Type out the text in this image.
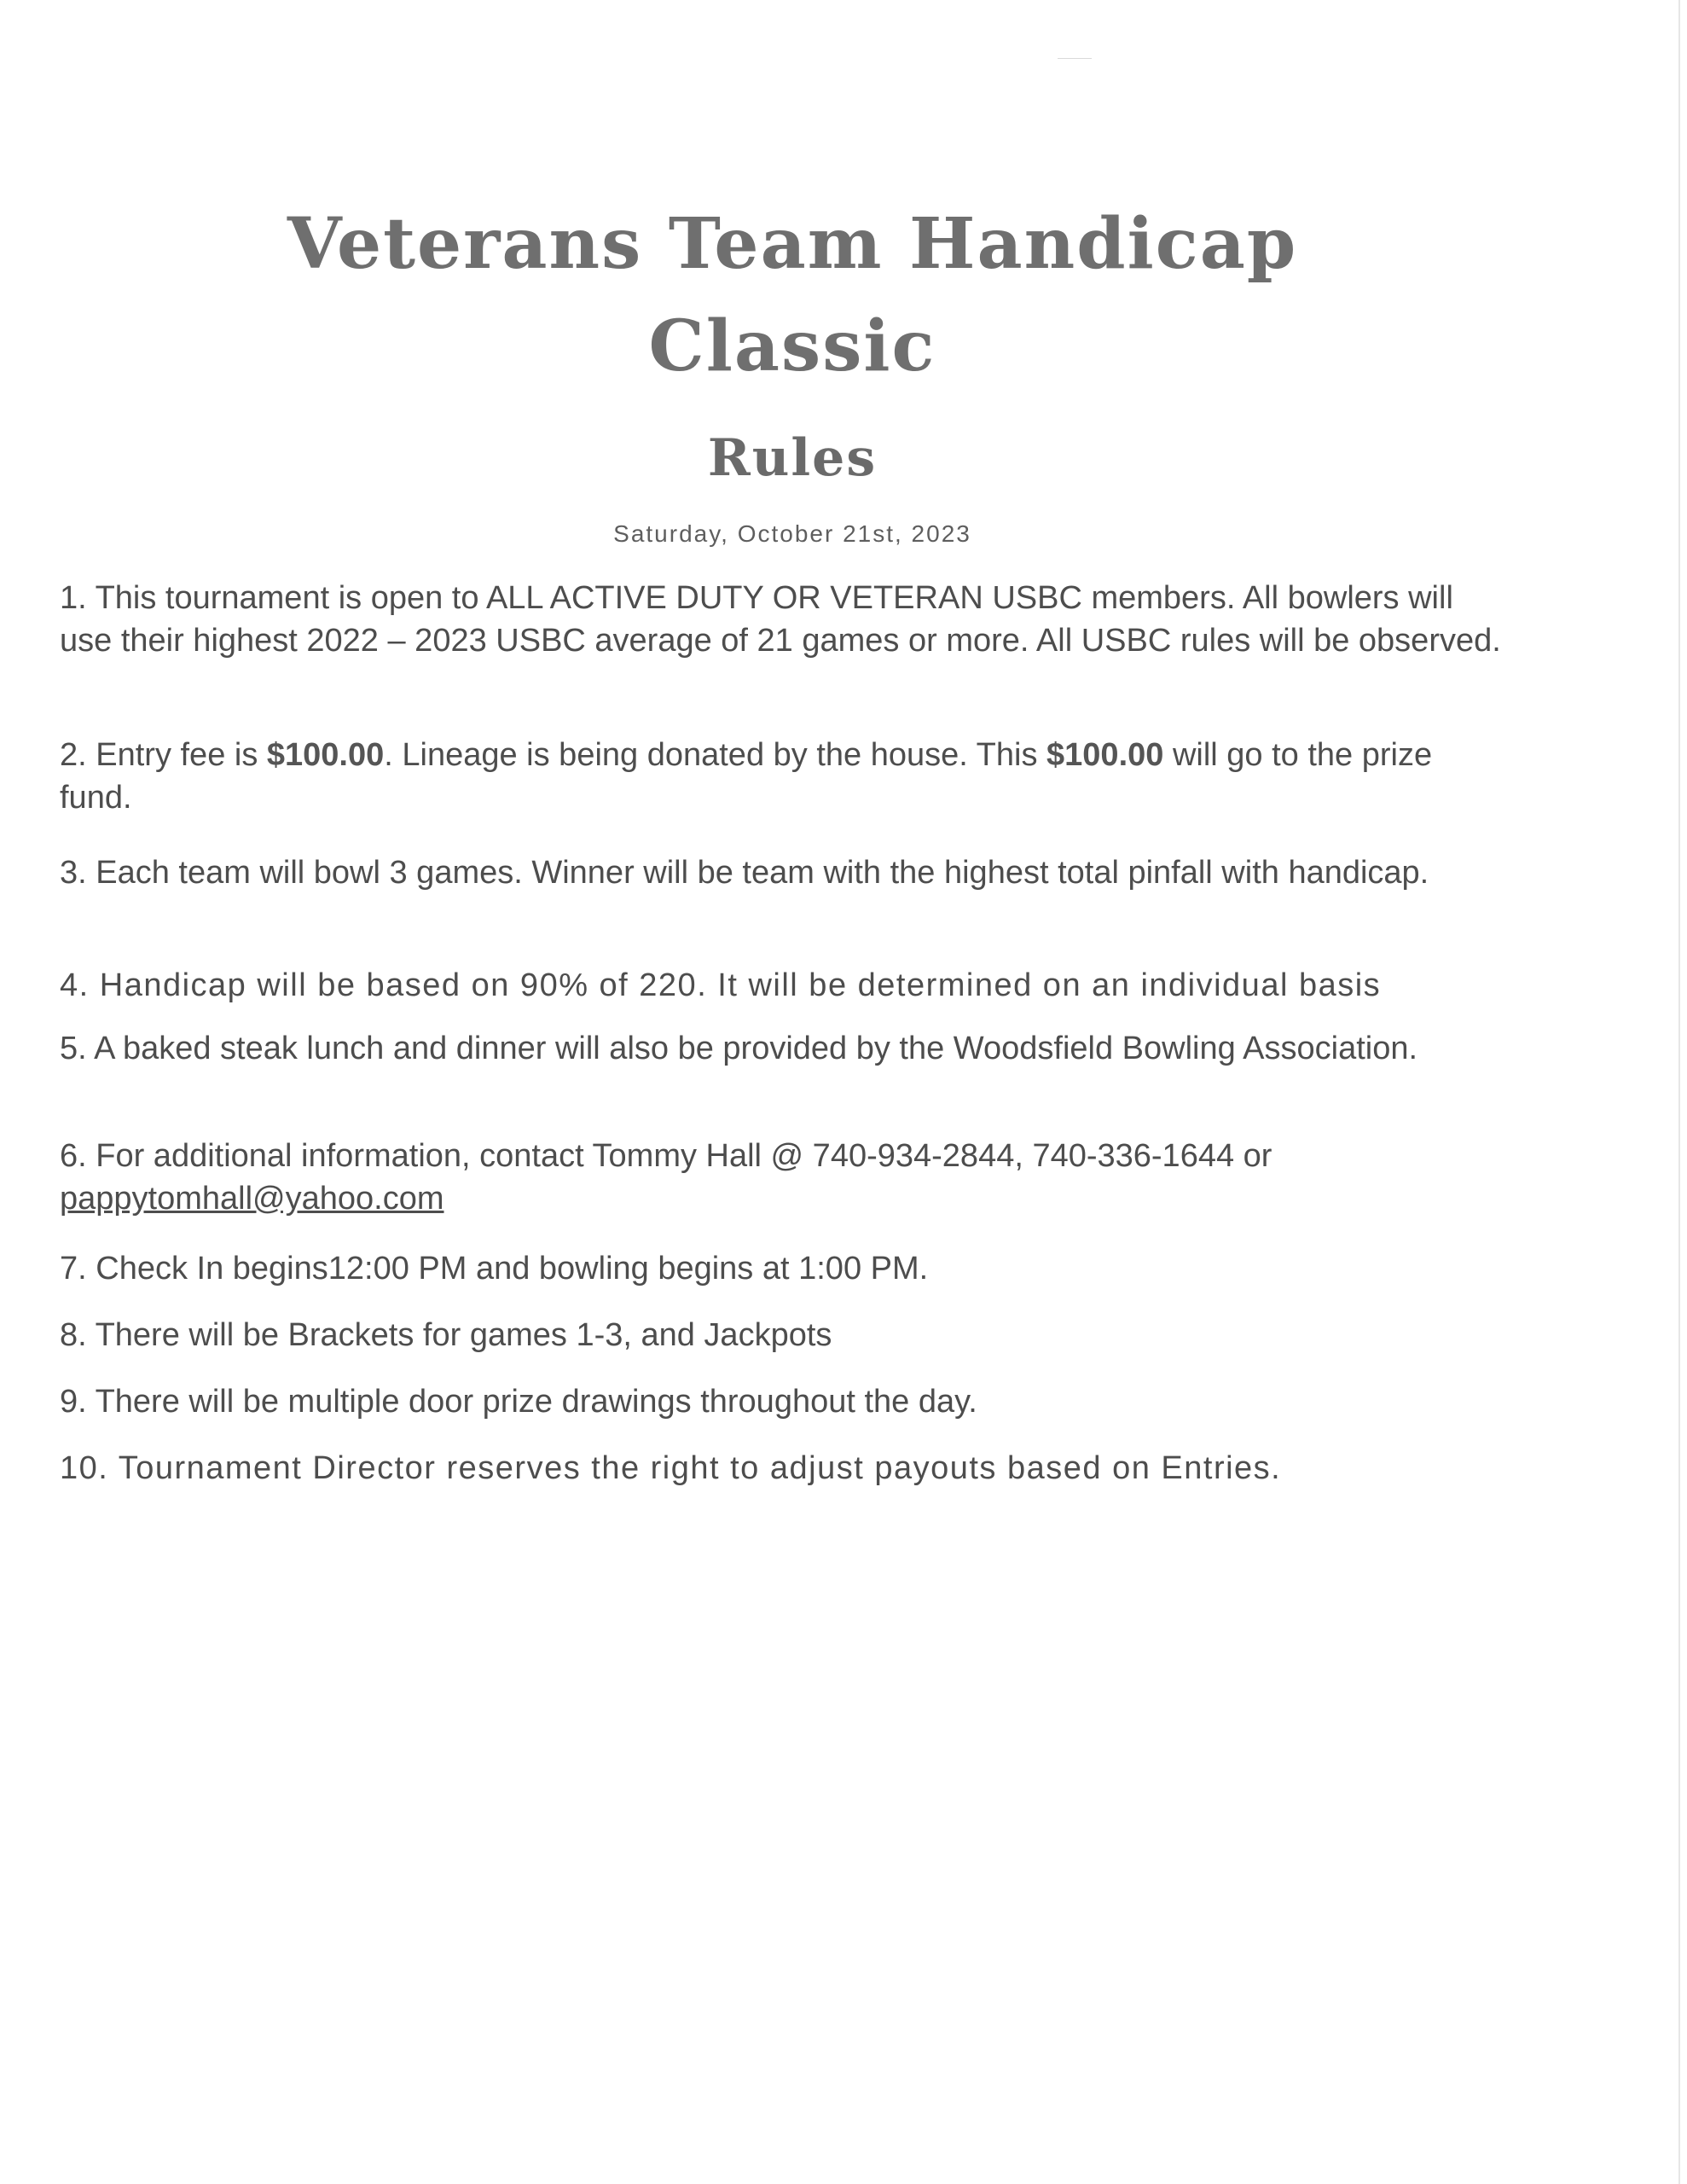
Veterans Team Handicap
Classic
Rules
Saturday, October 21st, 2023
1. This tournament is open to ALL ACTIVE DUTY OR VETERAN USBC members. All bowlers will use their highest 2022 – 2023 USBC average of 21 games or more. All USBC rules will be observed.
2. Entry fee is $100.00. Lineage is being donated by the house. This $100.00 will go to the prize fund.
3. Each team will bowl 3 games. Winner will be team with the highest total pinfall with handicap.
4. Handicap will be based on 90% of 220. It will be determined on an individual basis
5. A baked steak lunch and dinner will also be provided by the Woodsfield Bowling Association.
6. For additional information, contact Tommy Hall @ 740-934-2844, 740-336-1644 or pappytomhall@yahoo.com
7. Check In begins12:00 PM and bowling begins at 1:00 PM.
8. There will be Brackets for games 1-3, and Jackpots
9. There will be multiple door prize drawings throughout the day.
10. Tournament Director reserves the right to adjust payouts based on Entries.
